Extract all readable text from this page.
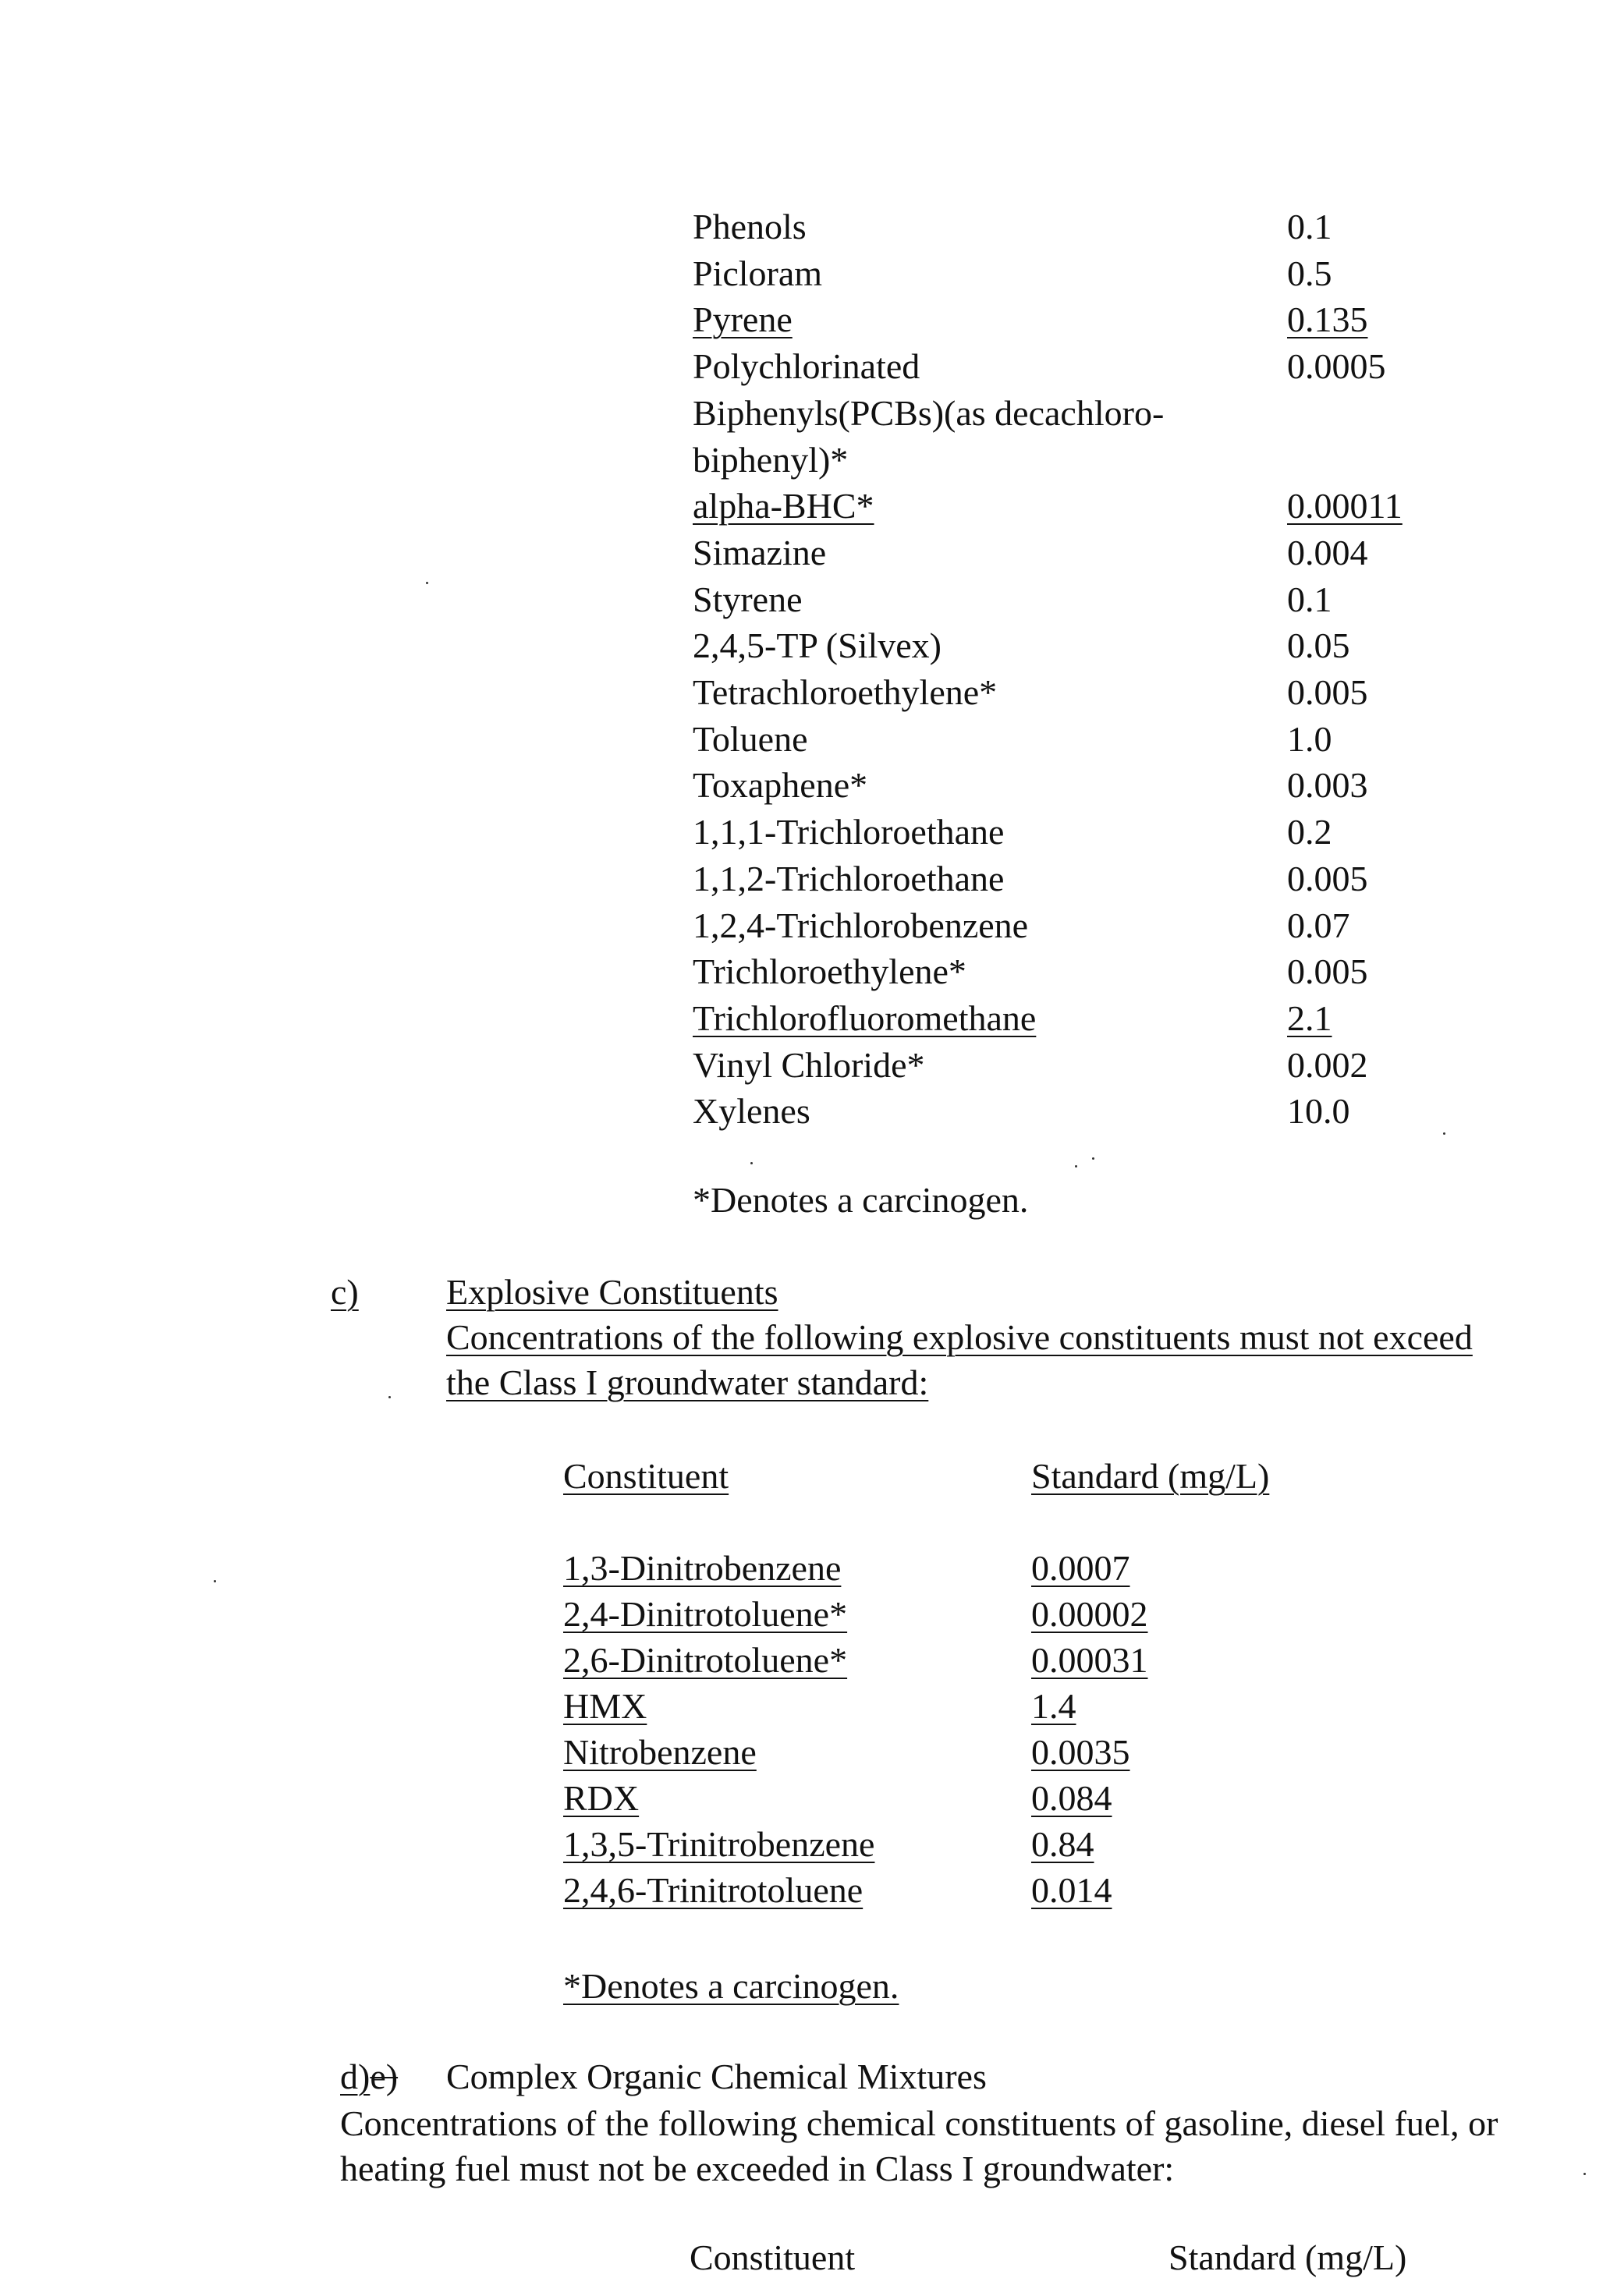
Phenols	0.1
Picloram	0.5
Pyrene	0.135
Polychlorinated	0.0005
Biphenyls(PCBs)(as decachloro-
biphenyl)*
alpha-BHC*	0.00011
Simazine	0.004
Styrene	0.1
2,4,5-TP (Silvex)	0.05
Tetrachloroethylene*	0.005
Toluene	1.0
Toxaphene*	0.003
1,1,1-Trichloroethane	0.2
1,1,2-Trichloroethane	0.005
1,2,4-Trichlorobenzene	0.07
Trichloroethylene*	0.005
Trichlorofluoromethane	2.1
Vinyl Chloride*	0.002
Xylenes	10.0
*Denotes a carcinogen.
c) Explosive Constituents
Concentrations of the following explosive constituents must not exceed
the Class I groundwater standard:
Constituent	Standard (mg/L)
1,3-Dinitrobenzene	0.0007
2,4-Dinitrotoluene*	0.00002
2,6-Dinitrotoluene*	0.00031
HMX	1.4
Nitrobenzene	0.0035
RDX	0.084
1,3,5-Trinitrobenzene	0.84
2,4,6-Trinitrotoluene	0.014
*Denotes a carcinogen.
d)e) Complex Organic Chemical Mixtures
Concentrations of the following chemical constituents of gasoline, diesel fuel, or
heating fuel must not be exceeded in Class I groundwater:
Constituent	Standard (mg/L)
